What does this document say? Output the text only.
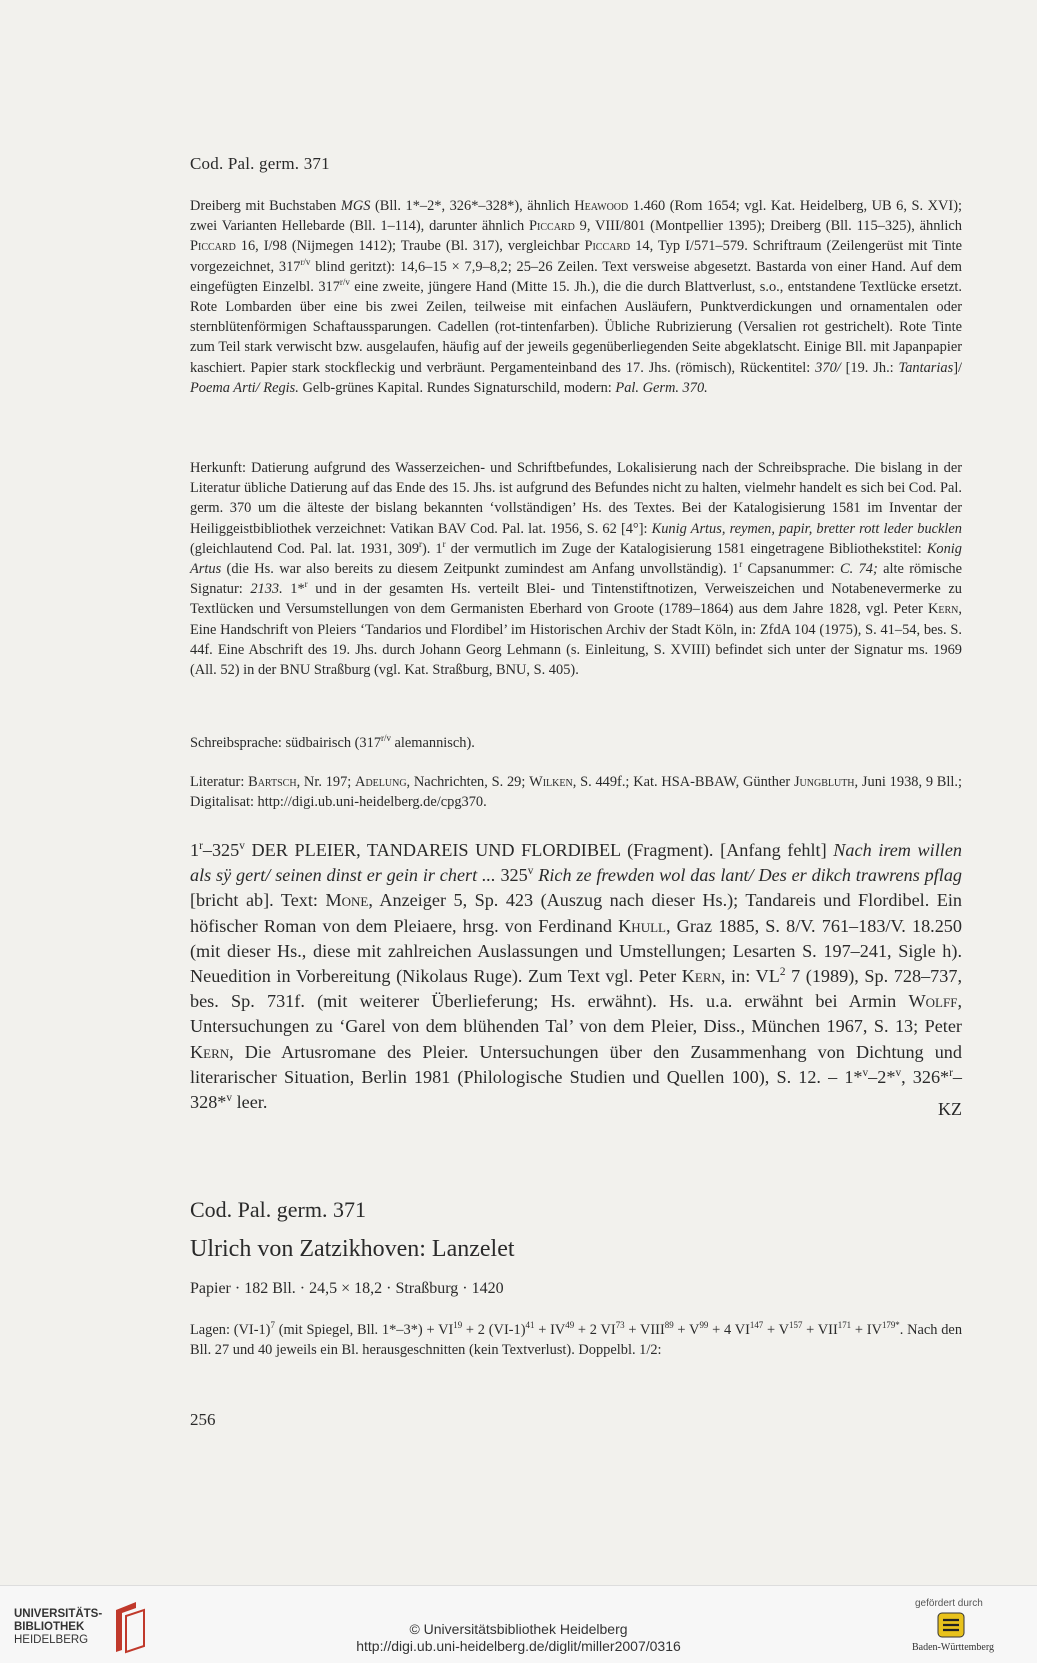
Cod. Pal. germ. 371

Dreiberg mit Buchstaben MGS (Bll. 1*–2*, 326*–328*), ähnlich Heawood 1.460 (Rom 1654; vgl. Kat. Heidelberg, UB 6, S. XVI); zwei Varianten Hellebarde (Bll. 1–114), darunter ähnlich Piccard 9, VIII/801 (Montpellier 1395); Dreiberg (Bll. 115–325), ähnlich Piccard 16, I/98 (Nijmegen 1412); Traube (Bl. 317), vergleichbar Piccard 14, Typ I/571–579. Schriftraum (Zeilengerüst mit Tinte vorgezeichnet, $317^{r/v}$ blind geritzt): 14,6–15 × 7,9–8,2; 25–26 Zeilen. Text versweise abgesetzt. Bastarda von einer Hand. Auf dem eingefügten Einzelbl. $317^{r/v}$ eine zweite, jüngere Hand (Mitte 15. Jh.), die die durch Blattverlust, s.o., entstandene Textlücke ersetzt. Rote Lombarden über eine bis zwei Zeilen, teilweise mit einfachen Ausläufern, Punktverdickungen und ornamentalen oder sternblütenförmigen Schaftaussparungen. Cadellen (rot-tintenfarben). Übliche Rubrizierung (Versalien rot gestrichelt). Rote Tinte zum Teil stark verwischt bzw. ausgelaufen, häufig auf der jeweils gegenüberliegenden Seite abgeklatscht. Einige Bll. mit Japanpapier kaschiert. Papier stark stockfleckig und verbräunt. Pergamenteinband des 17. Jhs. (römisch), Rückentitel: 370/ [19. Jh.: Tantarias]/ Poema Arti/ Regis. Gelb-grünes Kapital. Rundes Signaturschild, modern: Pal. Germ. 370.

Herkunft: Datierung aufgrund des Wasserzeichen- und Schriftbefundes, Lokalisierung nach der Schreibsprache. Die bislang in der Literatur übliche Datierung auf das Ende des 15. Jhs. ist aufgrund des Befundes nicht zu halten, vielmehr handelt es sich bei Cod. Pal. germ. 370 um die älteste der bislang bekannten ‘vollständigen’ Hs. des Textes. Bei der Katalogisierung 1581 im Inventar der Heiliggeistbibliothek verzeichnet: Vatikan BAV Cod. Pal. lat. 1956, S. 62 [4°]: Kunig Artus, reymen, papir, bretter rott leder bucklen (gleichlautend Cod. Pal. lat. 1931, 309$^r$). 1$^r$ der vermutlich im Zuge der Katalogisierung 1581 eingetragene Bibliothekstitel: Konig Artus (die Hs. war also bereits zu diesem Zeitpunkt zumindest am Anfang unvollständig). 1$^r$ Capsanummer: C. 74; alte römische Signatur: 2133. 1*$^r$ und in der gesamten Hs. verteilt Blei- und Tintenstiftnotizen, Verweiszeichen und Notabenevermerke zu Textlücken und Versumstellungen von dem Germanisten Eberhard von Groote (1789–1864) aus dem Jahre 1828, vgl. Peter Kern, Eine Handschrift von Pleiers ‘Tandarios und Flordibel’ im Historischen Archiv der Stadt Köln, in: ZfdA 104 (1975), S. 41–54, bes. S. 44f. Eine Abschrift des 19. Jhs. durch Johann Georg Lehmann (s. Einleitung, S. XVIII) befindet sich unter der Signatur ms. 1969 (All. 52) in der BNU Straßburg (vgl. Kat. Straßburg, BNU, S. 405).

Schreibsprache: südbairisch ($317^{r/v}$ alemannisch).

Literatur: Bartsch, Nr. 197; Adelung, Nachrichten, S. 29; Wilken, S. 449f.; Kat. HSA-BBAW, Günther Jungbluth, Juni 1938, 9 Bll.; Digitalisat: http://digi.ub.uni-heidelberg.de/cpg370.

1$^r$–325$^v$ DER PLEIER, TANDAREIS UND FLORDIBEL (Fragment). [Anfang fehlt] Nach irem willen als sÿ gert/ seinen dinst er gein ir chert ... 325$^v$ Rich ze frewden wol das lant/ Des er dikch trawrens pflag [bricht ab]. Text: Mone, Anzeiger 5, Sp. 423 (Auszug nach dieser Hs.); Tandareis und Flordibel. Ein höfischer Roman von dem Pleiaere, hrsg. von Ferdinand Khull, Graz 1885, S. 8/V. 761–183/V. 18.250 (mit dieser Hs., diese mit zahlreichen Auslassungen und Umstellungen; Lesarten S. 197–241, Sigle h). Neuedition in Vorbereitung (Nikolaus Ruge). Zum Text vgl. Peter Kern, in: $VL^2$ 7 (1989), Sp. 728–737, bes. Sp. 731f. (mit weiterer Überlieferung; Hs. erwähnt). Hs. u.a. erwähnt bei Armin Wolff, Untersuchungen zu ‘Garel von dem blühenden Tal’ von dem Pleier, Diss., München 1967, S. 13; Peter Kern, Die Artusromane des Pleier. Untersuchungen über den Zusammenhang von Dichtung und literarischer Situation, Berlin 1981 (Philologische Studien und Quellen 100), S. 12. – 1*$^v$–2*$^v$, 326*$^r$–328*$^v$ leer.	KZ
Cod. Pal. germ. 371
Ulrich von Zatzikhoven: Lanzelet
Papier · 182 Bll. · 24,5 × 18,2 · Straßburg · 1420

Lagen: $(VI-1)^7$ (mit Spiegel, Bll. $1*-3*) + VI^{19} + 2$ $(VI-1)^{41} + IV^{49} + 2$ $VI^{73}$ + $VIII^{89} + V^{99} + 4$ $VI^{147} + V^{157} + VII^{171} + IV^{179*}$. Nach den Bll. 27 und 40 jeweils ein Bl. herausgeschnitten (kein Textverlust). Doppelbl. 1/2:

256
UNIVERSITÄTS-
BIBLIOTHEK
HEIDELBERG
© Universitätsbibliothek Heidelberg
http://digi.ub.uni-heidelberg.de/diglit/miller2007/0316
gefördert durch
Baden-Württemberg
